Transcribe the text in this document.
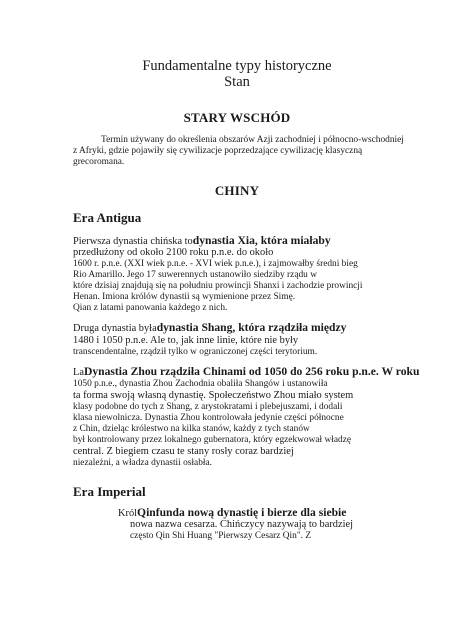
Fundamentalne typy historyczne
Stan
STARY WSCHÓD
Termin używany do określenia obszarów Azji zachodniej i północno-wschodniej
z Afryki, gdzie pojawiły się cywilizacje poprzedzające cywilizację klasyczną
grecoromana.
CHINY
Era Antigua
Pierwsza dynastia chińska todynastia Xia, która miałaby
przedłużony od około 2100 roku p.n.e. do około
1600 r. p.n.e. (XXI wiek p.n.e. - XVI wiek p.n.e.), i zajmowałby średni bieg
Rio Amarillo. Jego 17 suwerennych ustanowiło siedziby rządu w
które dzisiaj znajdują się na południu prowincji Shanxi i zachodzie prowincji
Henan. Imiona królów dynastii są wymienione przez Simę.
Qian z latami panowania każdego z nich.
Druga dynastia byładynastia Shang, która rządziła między
1480 i 1050 p.n.e. Ale to, jak inne linie, które nie były
transcendentalne, rządził tylko w ograniczonej części terytorium.
LaDynastia Zhou rządziła Chinami od 1050 do 256 roku p.n.e. W roku
1050 p.n.e., dynastia Zhou Zachodnia obaliła Shangów i ustanowiła
ta forma swoją własną dynastię. Społeczeństwo Zhou miało system
klasy podobne do tych z Shang, z arystokratami i plebejuszami, i dodali
klasa niewolnicza. Dynastia Zhou kontrolowała jedynie części północne
z Chin, dzieląc królestwo na kilka stanów, każdy z tych stanów
był kontrolowany przez lokalnego gubernatora, który egzekwował władzę
central. Z biegiem czasu te stany rosły coraz bardziej
niezależni, a władza dynastii osłabła.
Era Imperial
KrólQinfunda nową dynastię i bierze dla siebie
nowa nazwa cesarza. Chińczycy nazywają to bardziej
często Qin Shi Huang "Pierwszy Cesarz Qin". Z
